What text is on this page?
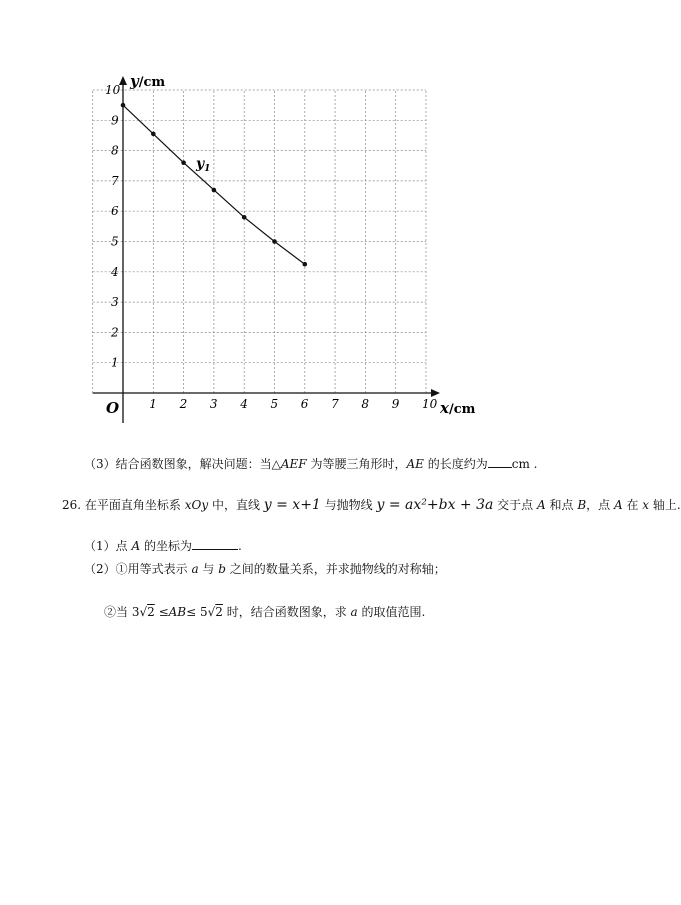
1 2 3 4 5 6 7 8 9 10
1
2
3
4
5
6
7
8
9
10 y/cm
x/cm
O
$y_1$
（3）结合函数图象，解决问题：当△AEF 为等腰三角形时，AE 的长度约为 cm .
26. 在平面直角坐标系 xOy 中，直线 y = x+1 与抛物线 y = ax²+bx + 3a 交于点 A 和点 B，点 A 在 x 轴上.
（1）点 A 的坐标为	.
（2）①用等式表示 a 与 b 之间的数量关系，并求抛物线的对称轴；
②当 3√2 ≤AB≤ 5√2 时，结合函数图象，求 a 的取值范围.
